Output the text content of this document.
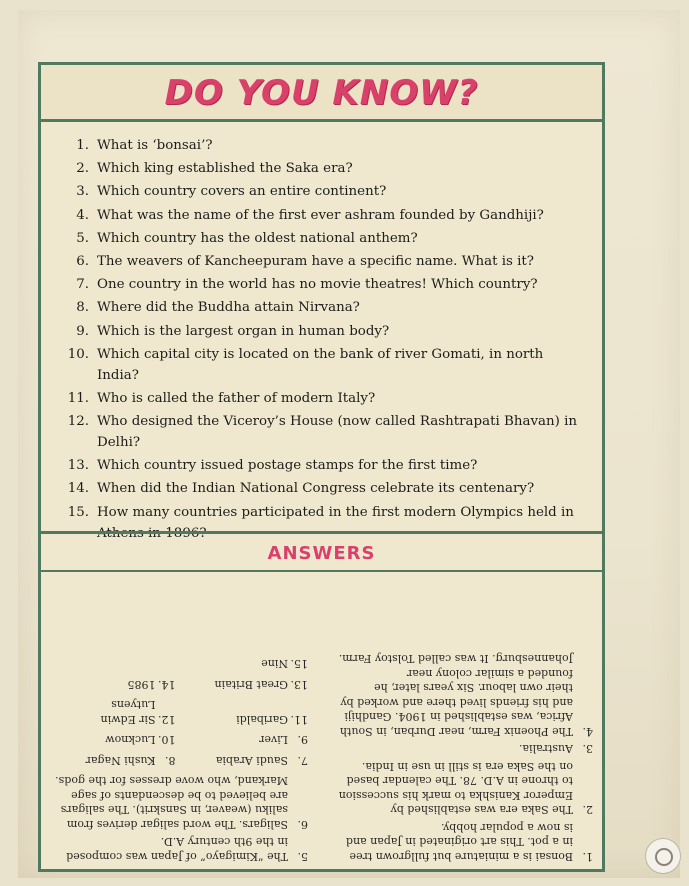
DO YOU KNOW?
1. What is ‘bonsai’?
2. Which king established the Saka era?
3. Which country covers an entire continent?
4. What was the name of the first ever ashram founded by Gandhiji?
5. Which country has the oldest national anthem?
6. The weavers of Kancheepuram have a specific name. What is it?
7. One country in the world has no movie theatres! Which country?
8. Where did the Buddha attain Nirvana?
9. Which is the largest organ in human body?
10. Which capital city is located on the bank of river Gomati, in north India?
11. Who is called the father of modern Italy?
12. Who designed the Viceroy’s House (now called Rashtrapati Bhavan) in Delhi?
13. Which country issued postage stamps for the first time?
14. When did the Indian National Congress celebrate its centenary?
15. How many countries participated in the first modern Olympics held in
ANSWERS
1.
Bonsai is a miniature but fullgrown tree in a pot. This art originated in Japan and is now a popular hobby.
2.
The Saka era was established by Emperor Kanishka to mark his succession to throne in A.D. 78. The calendar based on the Saka era is still in use in India.
3.
Australia.
4.
The Phoenix Farm, near Durban, in South Africa, was established in 1904. Gandhiji and his friends lived there and worked by their own labour. Six years later, he founded a similar colony near Johannesburg. It was called Tolstoy Farm.
5.
The “Kimigayo” of Japan was composed in the 9th century A.D.
6.
Saligars. The word saligar derives from saliku (weaver, in Sanskrit). The saligars are believed to be descendants of sage Markand, who wove dresses for the gods.
7.
Saudi Arabia
8.
Kushi Nagar
9.
Liver
10.
Lucknow
11.
Garibaldi
12.
Sir Edwin Lutyens
13.
Great Britain
14.
1985
15.
Nine
